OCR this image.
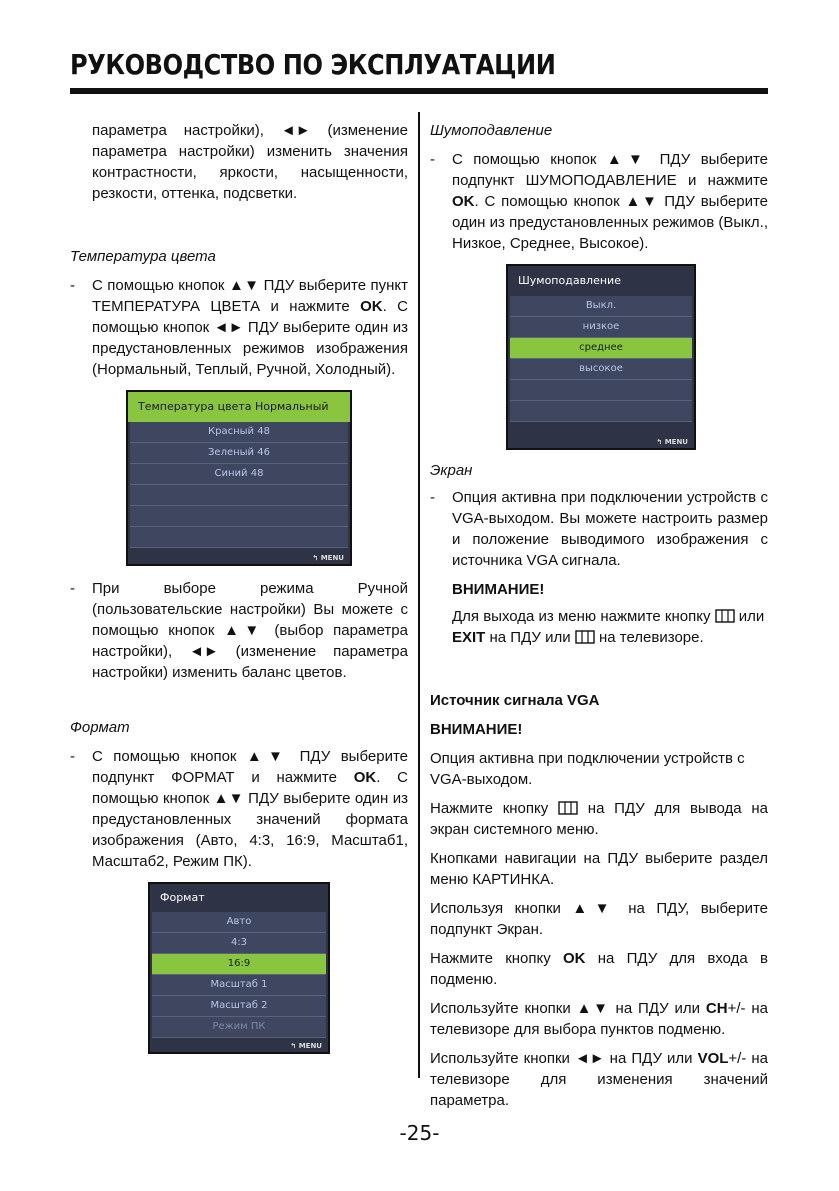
РУКОВОДСТВО ПО ЭКСПЛУАТАЦИИ

параметра настройки), ◄► (изменение параметра настройки) изменить значения контрастности, яркости, насыщенности, резкости, оттенка, подсветки.

Температура цвета

- С помощью кнопок ▲▼ ПДУ выберите пункт ТЕМПЕРАТУРА ЦВЕТА и нажмите OK. С помощью кнопок ◄► ПДУ выберите один из предустановленных режимов изображения (Нормальный, Теплый, Ручной, Холодный).
Температура цвета Нормальный
Красный 48
Зеленый 46
Синий 48
↰ MENU
- При выборе режима Ручной (пользовательские настройки) Вы можете с помощью кнопок ▲▼ (выбор параметра настройки), ◄► (изменение параметра настройки) изменить баланс цветов.

Формат

- С помощью кнопок ▲▼ ПДУ выберите подпункт ФОРМАТ и нажмите OK. С помощью кнопок ▲▼ ПДУ выберите один из предустановленных значений формата изображения (Авто, 4:3, 16:9, Масштаб1, Масштаб2, Режим ПК).
Формат
Авто
4:3
16:9
Масштаб 1
Масштаб 2
Режим ПК
↰ MENU

Шумоподавление

- С помощью кнопок ▲▼ ПДУ выберите подпункт ШУМОПОДАВЛЕНИЕ и нажмите OK. С помощью кнопок ▲▼ ПДУ выберите один из предустановленных режимов (Выкл., Низкое, Среднее, Высокое).
Шумоподавление
Выкл.
низкое
среднее
высокое
↰ MENU

Экран

- Опция активна при подключении устройств с VGA-выходом. Вы можете настроить размер и положение выводимого изображения с источника VGA сигнала.

ВНИМАНИЕ!

Для выхода из меню нажмите кнопку или EXIT на ПДУ или на телевизоре.

Источник сигнала VGA

ВНИМАНИЕ!

Опция активна при подключении устройств с VGA-выходом.

Нажмите кнопку	на ПДУ для вывода на экран системного меню.

Кнопками навигации на ПДУ выберите раздел меню КАРТИНКА.

Используя кнопки ▲▼ на ПДУ, выберите подпункт Экран.

Нажмите кнопку OK на ПДУ для входа в подменю.

Используйте кнопки ▲▼ на ПДУ или CH+/- на телевизоре для выбора пунктов подменю.

Используйте кнопки ◄► на ПДУ или VOL+/- на телевизоре для изменения значений параметра.

-25-
